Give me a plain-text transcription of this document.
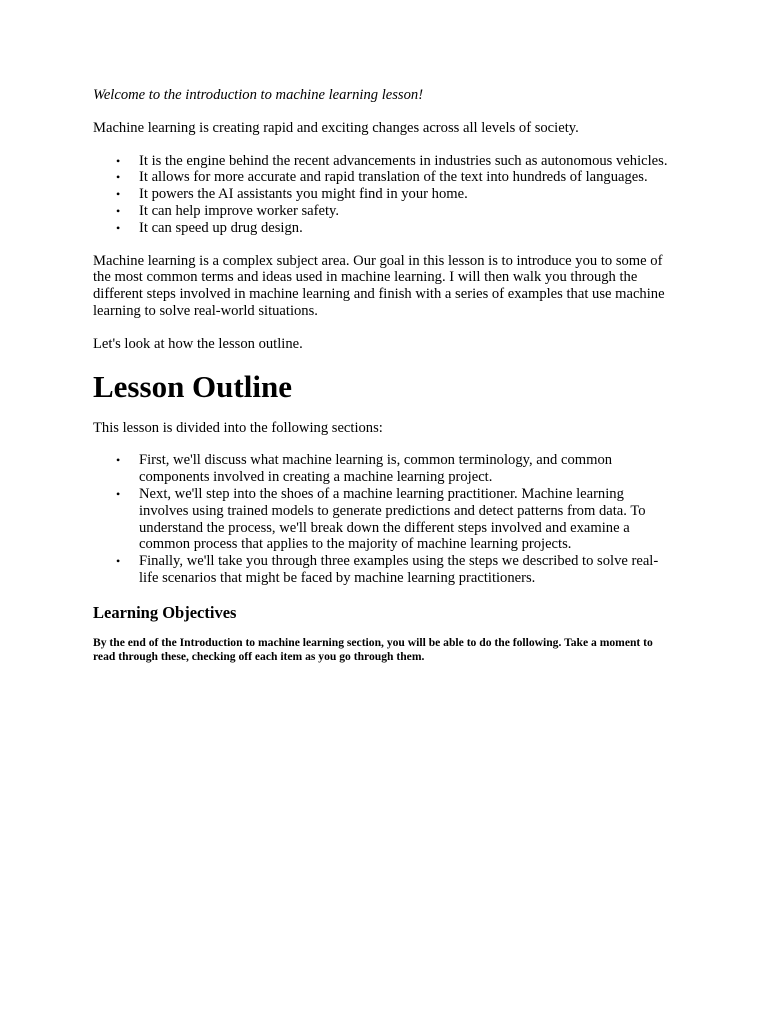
Welcome to the introduction to machine learning lesson!

Machine learning is creating rapid and exciting changes across all levels of society.

• It is the engine behind the recent advancements in industries such as autonomous vehicles.
• It allows for more accurate and rapid translation of the text into hundreds of languages.
• It powers the AI assistants you might find in your home.
• It can help improve worker safety.
• It can speed up drug design.

Machine learning is a complex subject area. Our goal in this lesson is to introduce you to some of the most common terms and ideas used in machine learning. I will then walk you through the different steps involved in machine learning and finish with a series of examples that use machine learning to solve real-world situations.

Let's look at how the lesson outline.

Lesson Outline

This lesson is divided into the following sections:

• First, we'll discuss what machine learning is, common terminology, and common components involved in creating a machine learning project.
• Next, we'll step into the shoes of a machine learning practitioner. Machine learning involves using trained models to generate predictions and detect patterns from data. To understand the process, we'll break down the different steps involved and examine a common process that applies to the majority of machine learning projects.
• Finally, we'll take you through three examples using the steps we described to solve real-life scenarios that might be faced by machine learning practitioners.
Learning Objectives

By the end of the Introduction to machine learning section, you will be able to do the following. Take a moment to read through these, checking off each item as you go through them.
